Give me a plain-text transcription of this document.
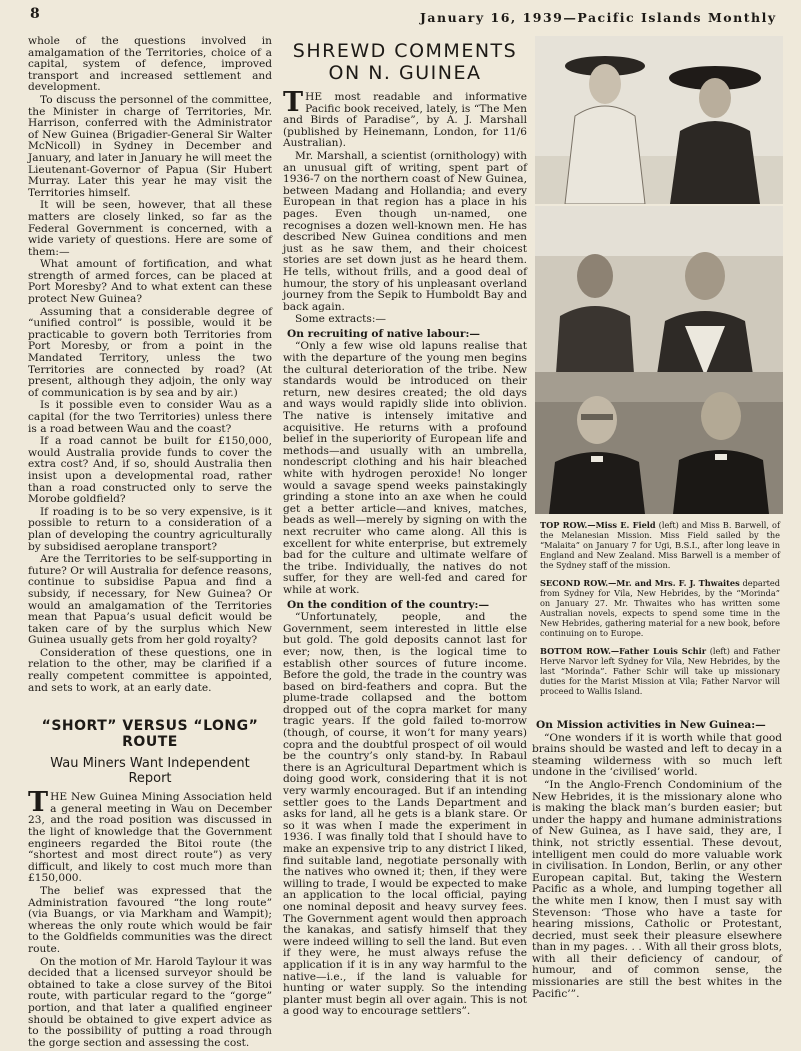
8	January 16, 1939—Pacific Islands Monthly

whole of the questions involved in amalgamation of the Territories, choice of a capital, system of defence, improved transport and increased settlement and development.

To discuss the personnel of the committee, the Minister in charge of Territories, Mr. Harrison, conferred with the Administrator of New Guinea (Brigadier-General Sir Walter McNicoll) in Sydney in December and January, and later in January he will meet the Lieutenant-Governor of Papua (Sir Hubert Murray. Later this year he may visit the Territories himself.

It will be seen, however, that all these matters are closely linked, so far as the Federal Government is concerned, with a wide variety of questions. Here are some of them:—

What amount of fortification, and what strength of armed forces, can be placed at Port Moresby? And to what extent can these protect New Guinea?

Assuming that a considerable degree of “unified control” is possible, would it be practicable to govern both Territories from Port Moresby, or from a point in the Mandated Territory, unless the two Territories are connected by road? (At present, although they adjoin, the only way of communication is by sea and by air.)

Is it possible even to consider Wau as a capital (for the two Territories) unless there is a road between Wau and the coast?

If a road cannot be built for £150,000, would Australia provide funds to cover the extra cost? And, if so, should Australia then insist upon a developmental road, rather than a road constructed only to serve the Morobe goldfield?

If roading is to be so very expensive, is it possible to return to a consideration of a plan of developing the country agriculturally by subsidised aeroplane transport?

Are the Territories to be self-supporting in future? Or will Australia for defence reasons, continue to subsidise Papua and find a subsidy, if necessary, for New Guinea? Or would an amalgamation of the Territories mean that Papua’s usual deficit would be taken care of by the surplus which New Guinea usually gets from her gold royalty?

Consideration of these questions, one in relation to the other, may be clarified if a really competent committee is appointed, and sets to work, at an early date.

“SHORT” VERSUS “LONG” ROUTE
Wau Miners Want Independent Report

THE New Guinea Mining Association held a general meeting in Wau on December 23, and the road position was discussed in the light of knowledge that the Government engineers regarded the Bitoi route (the “shortest and most direct route”) as very difficult, and likely to cost much more than £150,000.

The belief was expressed that the Administration favoured “the long route” (via Buangs, or via Markham and Wampit); whereas the only route which would be fair to the Goldfields communities was the direct route.

On the motion of Mr. Harold Taylour it was decided that a licensed surveyor should be obtained to take a close survey of the Bitoi route, with particular regard to the “gorge” portion, and that later a qualified engineer should be obtained to give expert advice as to the possibility of putting a road through the gorge section and assessing the cost.

SHREWD COMMENTS ON N. GUINEA

THE most readable and informative Pacific book received, lately, is “The Men and Birds of Paradise”, by A. J. Marshall (published by Heinemann, London, for 11/6 Australian).

Mr. Marshall, a scientist (ornithology) with an unusual gift of writing, spent part of 1936-7 on the northern coast of New Guinea, between Madang and Hollandia; and every European in that region has a place in his pages. Even though un-named, one recognises a dozen well-known men. He has described New Guinea conditions and men just as he saw them, and their choicest stories are set down just as he heard them. He tells, without frills, and a good deal of humour, the story of his unpleasant overland journey from the Sepik to Humboldt Bay and back again.

Some extracts:—

On recruiting of native labour:—

“Only a few wise old lapuns realise that with the departure of the young men begins the cultural deterioration of the tribe. New standards would be introduced on their return, new desires created; the old days and ways would rapidly slide into oblivion. The native is intensely imitative and acquisitive. He returns with a profound belief in the superiority of European life and methods—and usually with an umbrella, nondescript clothing and his hair bleached white with hydrogen peroxide! No longer would a savage spend weeks painstakingly grinding a stone into an axe when he could get a better article—and knives, matches, beads as well—merely by signing on with the next recruiter who came along. All this is excellent for white enterprise, but extremely bad for the culture and ultimate welfare of the tribe. Individually, the natives do not suffer, for they are well-fed and cared for while at work.

On the condition of the country:—

“Unfortunately, people, and the Government, seem interested in little else but gold. The gold deposits cannot last for ever; now, then, is the logical time to establish other sources of future income. Before the gold, the trade in the country was based on bird-feathers and copra. But the plume-trade collapsed and the bottom dropped out of the copra market for many tragic years. If the gold failed to-morrow (though, of course, it won’t for many years) copra and the doubtful prospect of oil would be the country’s only stand-by. In Rabaul there is an Agricultural Department which is doing good work, considering that it is not very warmly encouraged. But if an intending settler goes to the Lands Department and asks for land, all he gets is a blank stare. Or so it was when I made the experiment in 1936. I was finally told that I should have to make an expensive trip to any district I liked, find suitable land, negotiate personally with the natives who owned it; then, if they were willing to trade, I would be expected to make an application to the local official, paying one nominal deposit and heavy survey fees. The Government agent would then approach the kanakas, and satisfy himself that they were indeed willing to sell the land. But even if they were, he must always refuse the application if it is in any way harmful to the native—i.e., if the land is valuable for hunting or water supply. So the intending planter must begin all over again. This is not a good way to encourage settlers”.

TOP ROW.—Miss E. Field (left) and Miss B. Barwell, of the Melanesian Mission. Miss Field sailed by the “Malaita” on January 7 for Ugi, B.S.I., after long leave in England and New Zealand. Miss Barwell is a member of the Sydney staff of the mission.

SECOND ROW.—Mr. and Mrs. F. J. Thwaites departed from Sydney for Vila, New Hebrides, by the “Morinda” on January 27. Mr. Thwaites who has written some Australian novels, expects to spend some time in the New Hebrides, gathering material for a new book, before continuing on to Europe.

BOTTOM ROW.—Father Louis Schir (left) and Father Herve Narvor left Sydney for Vila, New Hebrides, by the last “Morinda”. Father Schir will take up missionary duties for the Marist Mission at Vila; Father Narvor will proceed to Wallis Island.

On Mission activities in New Guinea:—

“One wonders if it is worth while that good brains should be wasted and left to decay in a steaming wilderness with so much left undone in the ‘civilised’ world.

“In the Anglo-French Condominium of the New Hebrides, it is the missionary alone who is making the black man’s burden easier; but under the happy and humane administrations of New Guinea, as I have said, they are, I think, not strictly essential. These devout, intelligent men could do more valuable work in civilisation. In London, Berlin, or any other European capital. But, taking the Western Pacific as a whole, and lumping together all the white men I know, then I must say with Stevenson: ‘Those who have a taste for hearing missions, Catholic or Protestant, decried, must seek their pleasure elsewhere than in my pages. . . With all their gross blots, with all their deficiency of candour, of humour, and of common sense, the missionaries are still the best whites in the Pacific’”.
